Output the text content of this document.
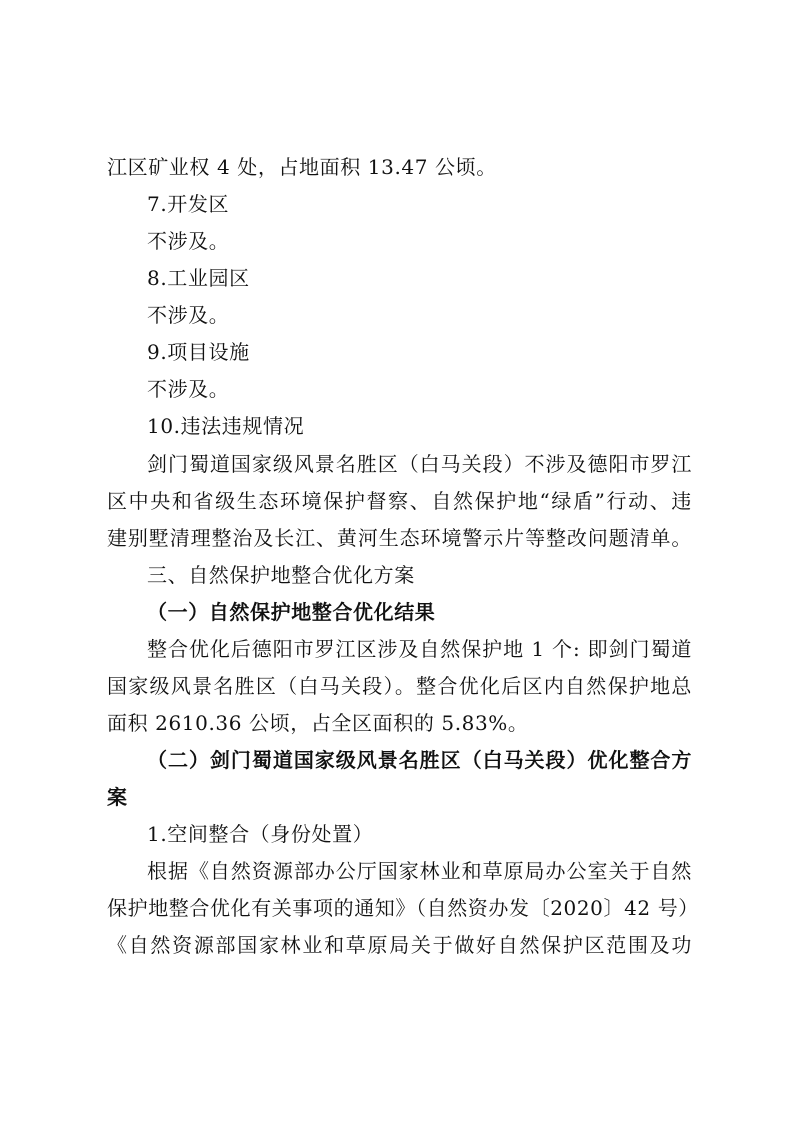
江区矿业权 4 处，占地面积 13.47 公顷。
7.开发区
不涉及。
8.工业园区
不涉及。
9.项目设施
不涉及。
10.违法违规情况
剑门蜀道国家级风景名胜区（白马关段）不涉及德阳市罗江
区中央和省级生态环境保护督察、自然保护地“绿盾”行动、违
建别墅清理整治及长江、黄河生态环境警示片等整改问题清单。
三、自然保护地整合优化方案
（一）自然保护地整合优化结果
整合优化后德阳市罗江区涉及自然保护地 1 个: 即剑门蜀道
国家级风景名胜区（白马关段）。整合优化后区内自然保护地总
面积 2610.36 公顷，占全区面积的 5.83%。
（二）剑门蜀道国家级风景名胜区（白马关段）优化整合方
案
1.空间整合（身份处置）
根据《自然资源部办公厅国家林业和草原局办公室关于自然
保护地整合优化有关事项的通知》（自然资办发〔2020〕42 号）
《自然资源部国家林业和草原局关于做好自然保护区范围及功
